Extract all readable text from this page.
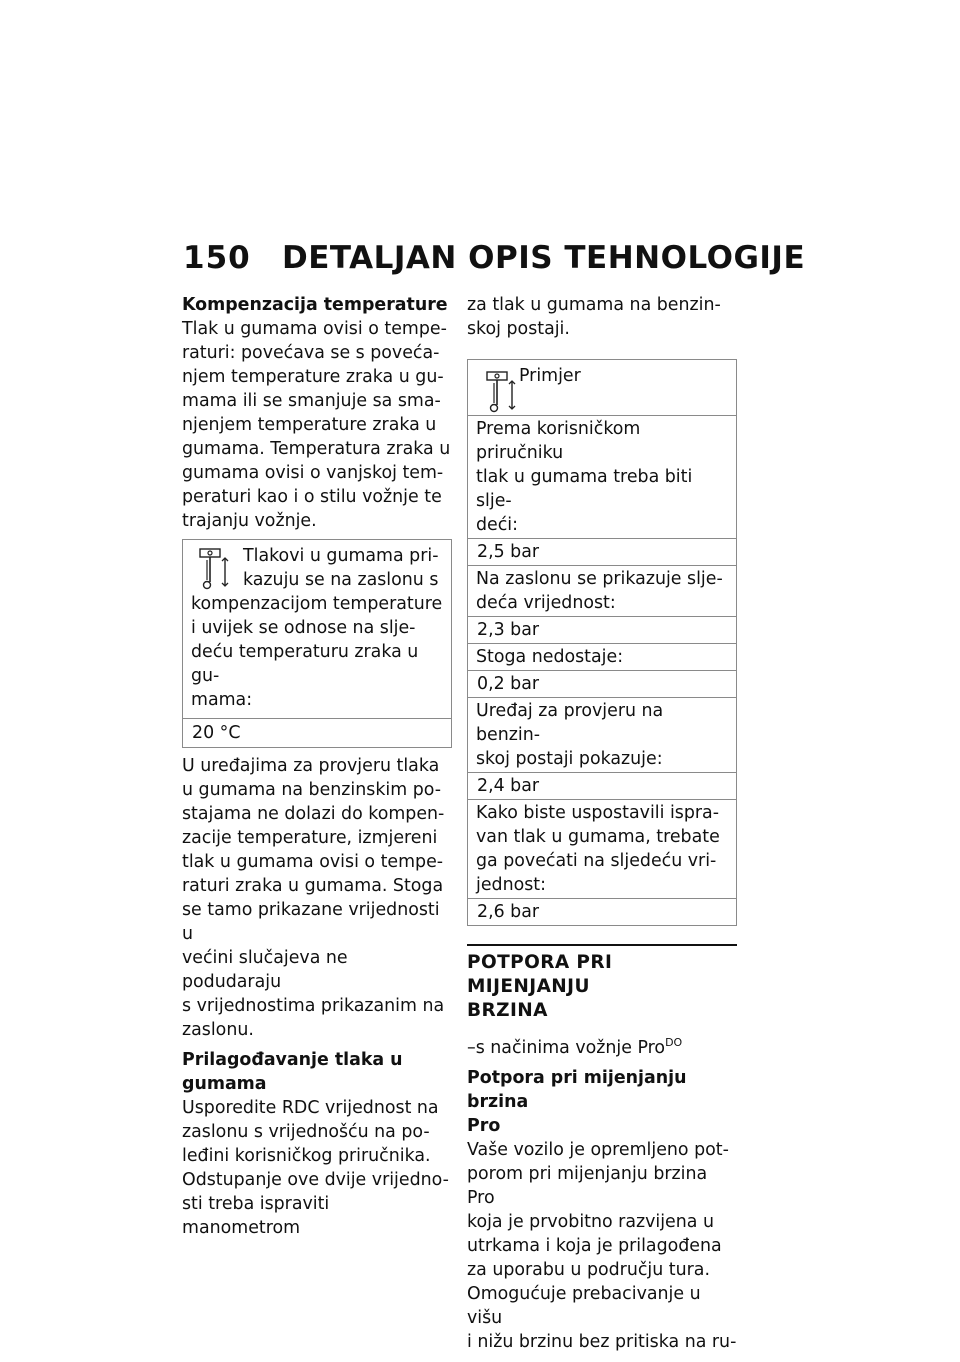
150 DETALJAN OPIS TEHNOLOGIJE
Kompenzacija temperature
Tlak u gumama ovisi o tempe-
raturi: povećava se s poveća-
njem temperature zraka u gu-
mama ili se smanjuje sa sma-
njenjem temperature zraka u
gumama. Temperatura zraka u
gumama ovisi o vanjskoj tem-
peraturi kao i o stilu vožnje te
trajanju vožnje.
Tlakovi u gumama pri-
kazuju se na zaslonu s
kompenzacijom temperature
i uvijek se odnose na slje-
deću temperaturu zraka u gu-
mama:
20 °C
U uređajima za provjeru tlaka
u gumama na benzinskim po-
stajama ne dolazi do kompen-
zacije temperature, izmjereni
tlak u gumama ovisi o tempe-
raturi zraka u gumama. Stoga
se tamo prikazane vrijednosti u
većini slučajeva ne podudaraju
s vrijednostima prikazanim na
zaslonu.
Prilagođavanje tlaka u
gumama
Usporedite RDC vrijednost na
zaslonu s vrijednošću na po-
leđini korisničkog priručnika.
Odstupanje ove dvije vrijedno-
sti treba ispraviti manometrom
za tlak u gumama na benzin-
skoj postaji.
Primjer
Prema korisničkom priručniku
tlak u gumama treba biti slje-
deći:
2,5 bar
Na zaslonu se prikazuje slje-
deća vrijednost:
2,3 bar
Stoga nedostaje:
0,2 bar
Uređaj za provjeru na benzin-
skoj postaji pokazuje:
2,4 bar
Kako biste uspostavili ispra-
van tlak u gumama, trebate
ga povećati na sljedeću vri-
jednost:
2,6 bar
POTPORA PRI MIJENJANJU
BRZINA
–s načinima vožnje Pro$^{DO}$
Potpora pri mijenjanju brzina
Pro
Vaše vozilo je opremljeno pot-
porom pri mijenjanju brzina Pro
koja je prvobitno razvijena u
utrkama i koja je prilagođena
za uporabu u području tura.
Omogućuje prebacivanje u višu
i nižu brzinu bez pritiska na ru-
